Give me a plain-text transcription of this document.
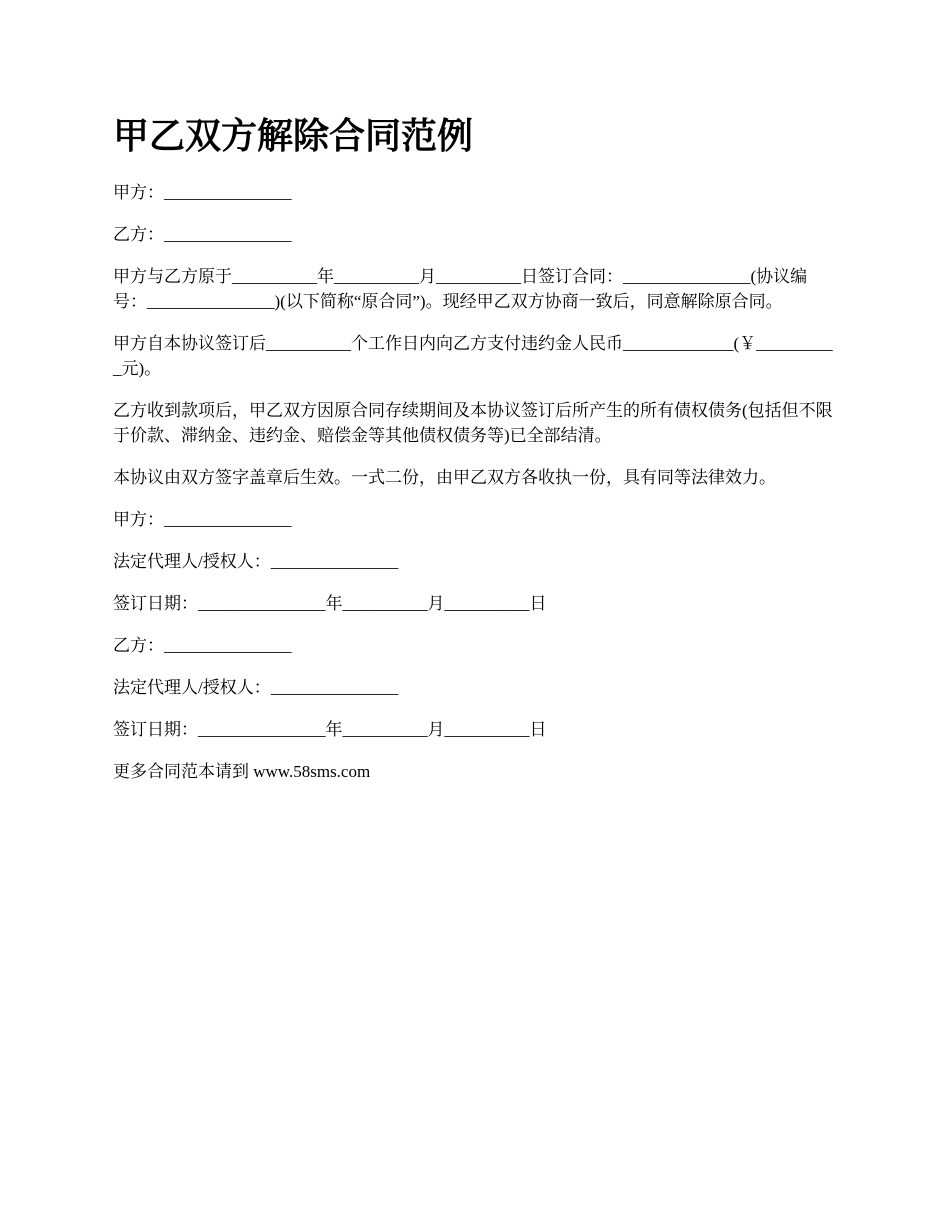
甲乙双方解除合同范例

甲方：_______________

乙方：_______________

甲方与乙方原于__________年__________月__________日签订合同：_______________(协议编号：_______________)(以下简称“原合同”)。现经甲乙双方协商一致后，同意解除原合同。

甲方自本协议签订后__________个工作日内向乙方支付违约金人民币_____________(￥__________元)。

乙方收到款项后，甲乙双方因原合同存续期间及本协议签订后所产生的所有债权债务(包括但不限于价款、滞纳金、违约金、赔偿金等其他债权债务等)已全部结清。

本协议由双方签字盖章后生效。一式二份，由甲乙双方各收执一份，具有同等法律效力。

甲方：_______________

法定代理人/授权人：_______________

签订日期：_______________年__________月__________日

乙方：_______________

法定代理人/授权人：_______________

签订日期：_______________年__________月__________日

更多合同范本请到 www.58sms.com
